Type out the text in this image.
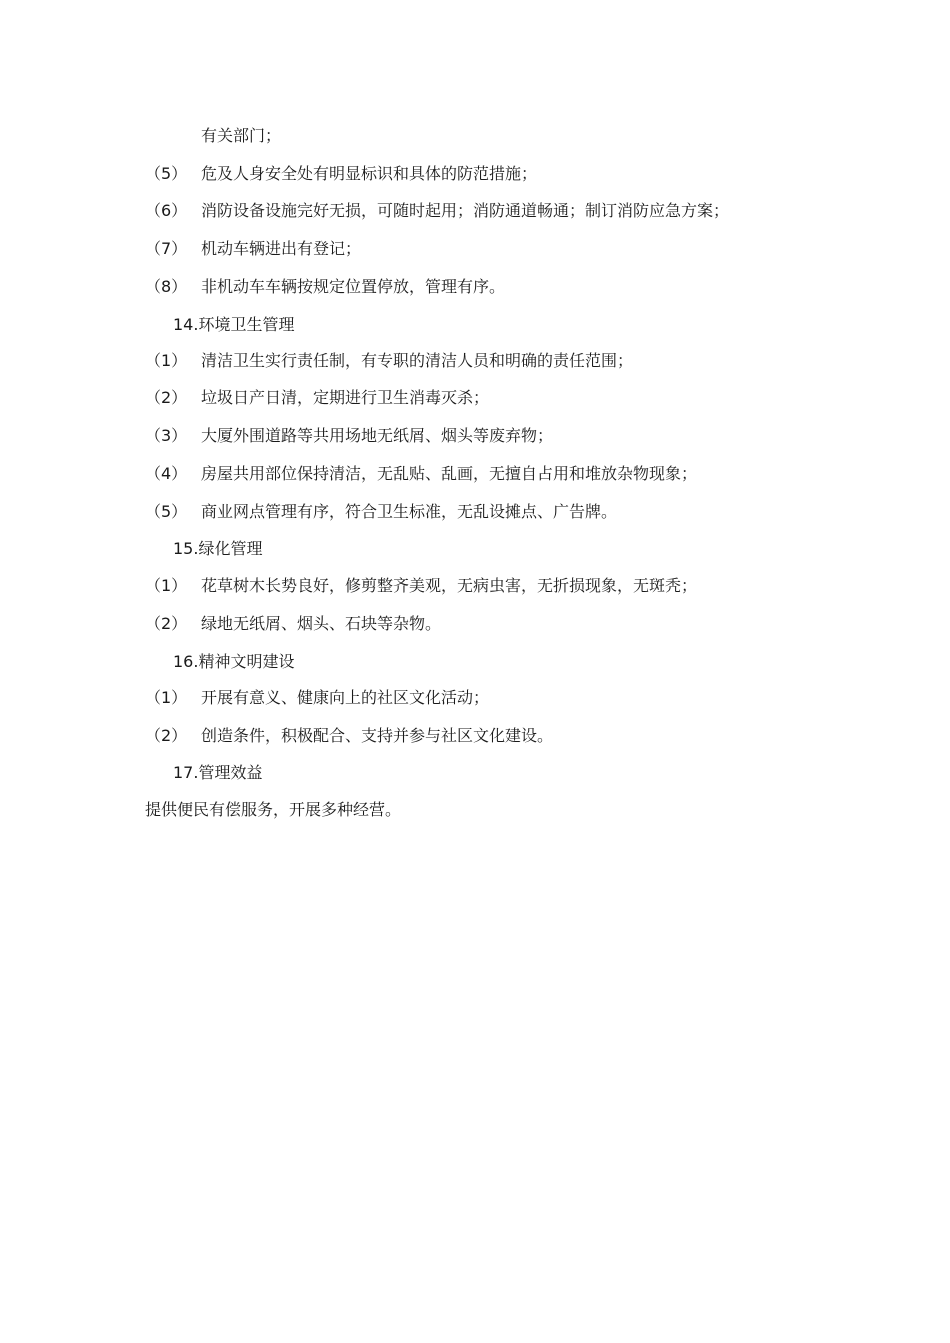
有关部门；
（5） 危及人身安全处有明显标识和具体的防范措施；
（6） 消防设备设施完好无损，可随时起用；消防通道畅通；制订消防应急方案；
（7） 机动车辆进出有登记；
（8） 非机动车车辆按规定位置停放，管理有序。
14.环境卫生管理
（1） 清洁卫生实行责任制，有专职的清洁人员和明确的责任范围；
（2） 垃圾日产日清，定期进行卫生消毒灭杀；
（3） 大厦外围道路等共用场地无纸屑、烟头等废弃物；
（4） 房屋共用部位保持清洁，无乱贴、乱画，无擅自占用和堆放杂物现象；
（5） 商业网点管理有序，符合卫生标准，无乱设摊点、广告牌。
15.绿化管理
（1） 花草树木长势良好，修剪整齐美观，无病虫害，无折损现象，无斑秃；
（2） 绿地无纸屑、烟头、石块等杂物。
16.精神文明建设
（1） 开展有意义、健康向上的社区文化活动；
（2） 创造条件，积极配合、支持并参与社区文化建设。
17.管理效益
提供便民有偿服务，开展多种经营。
